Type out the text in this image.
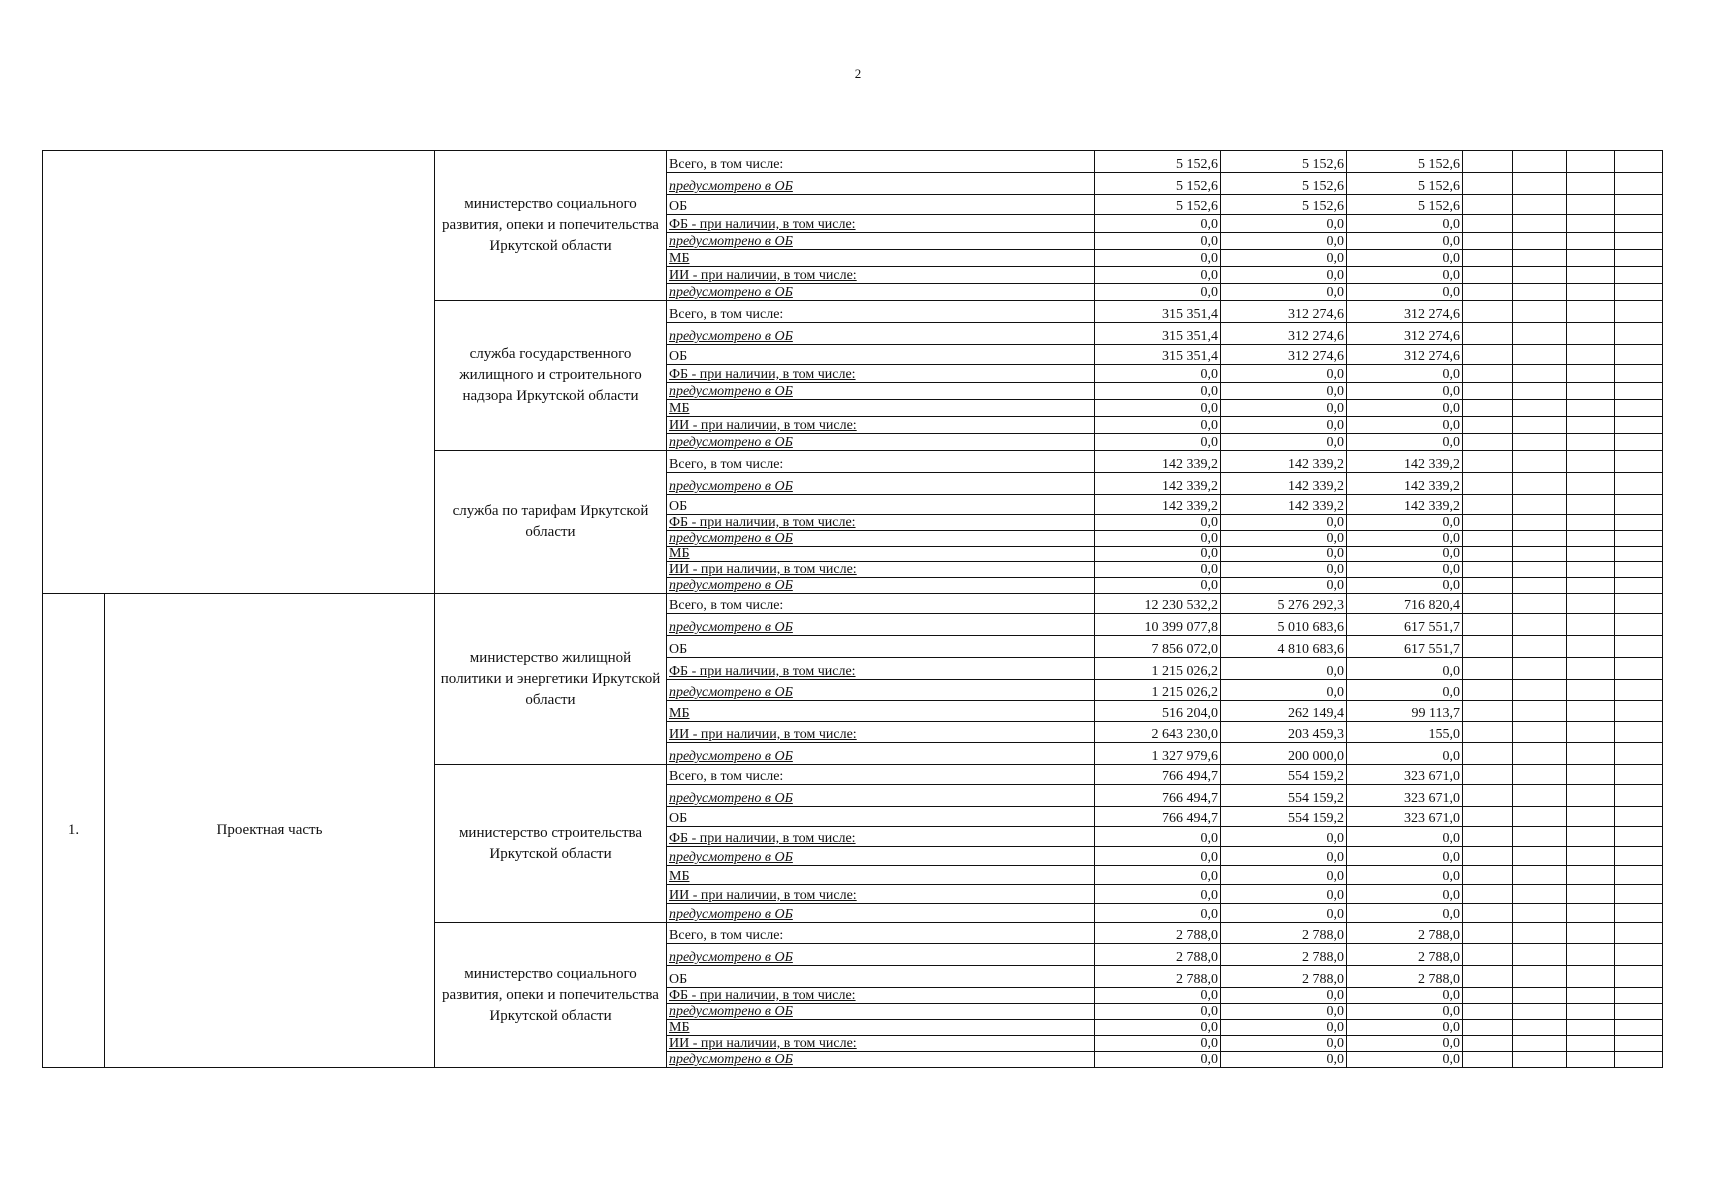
2
		министерство социального развития, опеки и попечительства Иркутской области	Всего, в том числе:	5 152,6	5 152,6	5 152,6				
			предусмотрено в ОБ	5 152,6	5 152,6	5 152,6				
			ОБ	5 152,6	5 152,6	5 152,6				
			ФБ - при наличии, в том числе:	0,0	0,0	0,0				
			предусмотрено в ОБ	0,0	0,0	0,0				
			МБ	0,0	0,0	0,0				
			ИИ - при наличии, в том числе:	0,0	0,0	0,0				
			предусмотрено в ОБ	0,0	0,0	0,0				
		служба государственного жилищного и строительного надзора Иркутской области	Всего, в том числе:	315 351,4	312 274,6	312 274,6				
			предусмотрено в ОБ	315 351,4	312 274,6	312 274,6				
			ОБ	315 351,4	312 274,6	312 274,6				
			ФБ - при наличии, в том числе:	0,0	0,0	0,0				
			предусмотрено в ОБ	0,0	0,0	0,0				
			МБ	0,0	0,0	0,0				
			ИИ - при наличии, в том числе:	0,0	0,0	0,0				
			предусмотрено в ОБ	0,0	0,0	0,0				
		служба по тарифам Иркутской области	Всего, в том числе:	142 339,2	142 339,2	142 339,2				
			предусмотрено в ОБ	142 339,2	142 339,2	142 339,2				
			ОБ	142 339,2	142 339,2	142 339,2				
			ФБ - при наличии, в том числе:	0,0	0,0	0,0				
			предусмотрено в ОБ	0,0	0,0	0,0				
			МБ	0,0	0,0	0,0				
			ИИ - при наличии, в том числе:	0,0	0,0	0,0				
			предусмотрено в ОБ	0,0	0,0	0,0				
1.	Проектная часть	министерство жилищной политики и энергетики Иркутской области	Всего, в том числе:	12 230 532,2	5 276 292,3	716 820,4				
			предусмотрено в ОБ	10 399 077,8	5 010 683,6	617 551,7				
			ОБ	7 856 072,0	4 810 683,6	617 551,7				
			ФБ - при наличии, в том числе:	1 215 026,2	0,0	0,0				
			предусмотрено в ОБ	1 215 026,2	0,0	0,0				
			МБ	516 204,0	262 149,4	99 113,7				
			ИИ - при наличии, в том числе:	2 643 230,0	203 459,3	155,0				
			предусмотрено в ОБ	1 327 979,6	200 000,0	0,0				
		министерство строительства Иркутской области	Всего, в том числе:	766 494,7	554 159,2	323 671,0				
			предусмотрено в ОБ	766 494,7	554 159,2	323 671,0				
			ОБ	766 494,7	554 159,2	323 671,0				
			ФБ - при наличии, в том числе:	0,0	0,0	0,0				
			предусмотрено в ОБ	0,0	0,0	0,0				
			МБ	0,0	0,0	0,0				
			ИИ - при наличии, в том числе:	0,0	0,0	0,0				
			предусмотрено в ОБ	0,0	0,0	0,0				
		министерство социального развития, опеки и попечительства Иркутской области	Всего, в том числе:	2 788,0	2 788,0	2 788,0				
			предусмотрено в ОБ	2 788,0	2 788,0	2 788,0				
			ОБ	2 788,0	2 788,0	2 788,0				
			ФБ - при наличии, в том числе:	0,0	0,0	0,0				
			предусмотрено в ОБ	0,0	0,0	0,0				
			МБ	0,0	0,0	0,0				
			ИИ - при наличии, в том числе:	0,0	0,0	0,0				
			предусмотрено в ОБ	0,0	0,0	0,0				
